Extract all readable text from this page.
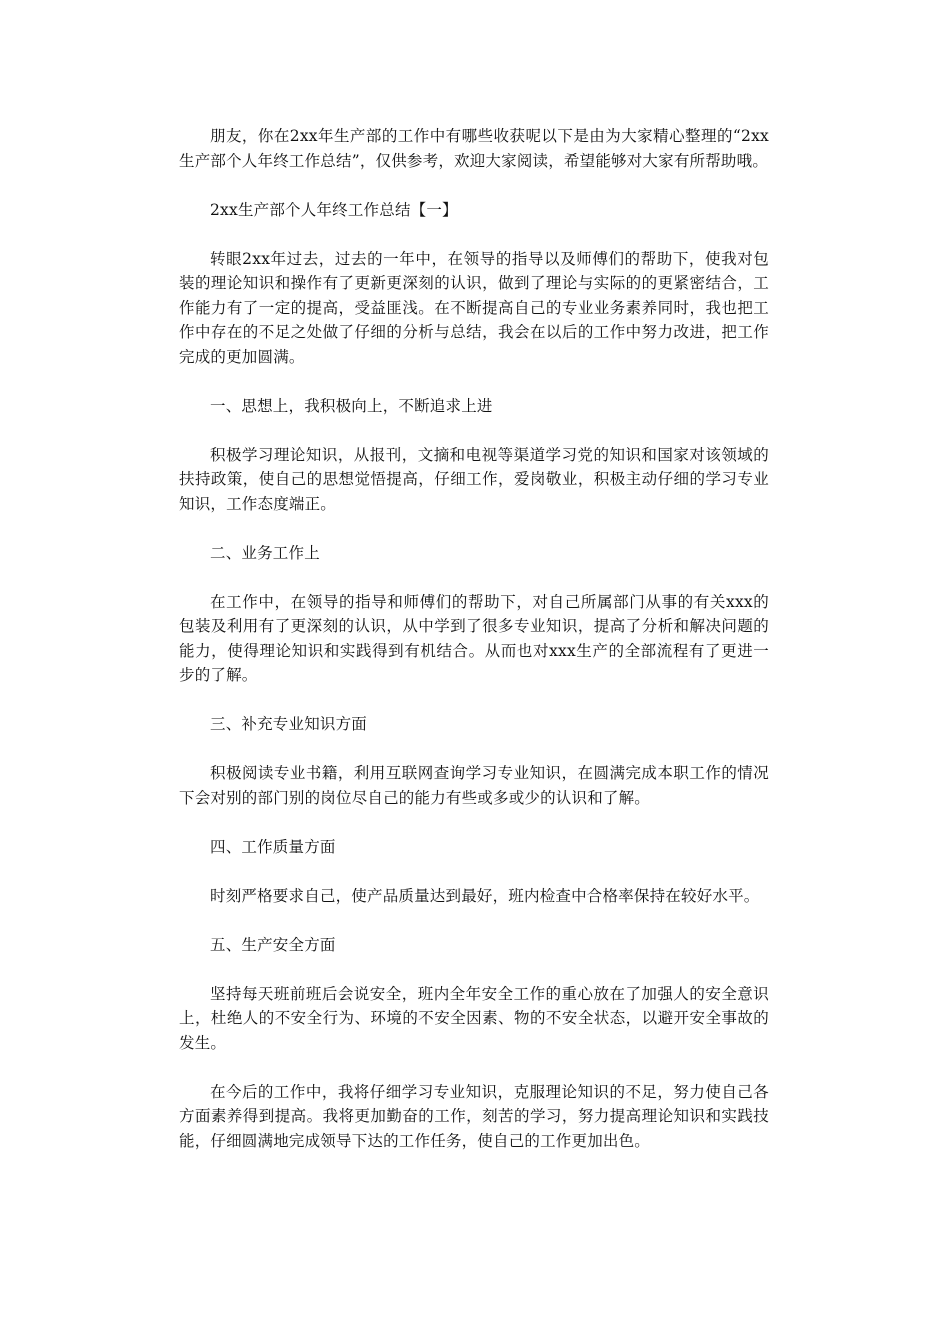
朋友，你在2xx年生产部的工作中有哪些收获呢以下是由为大家精心整理的“2xx生产部个人年终工作总结”，仅供参考，欢迎大家阅读，希望能够对大家有所帮助哦。

2xx生产部个人年终工作总结【一】

转眼2xx年过去，过去的一年中，在领导的指导以及师傅们的帮助下，使我对包装的理论知识和操作有了更新更深刻的认识，做到了理论与实际的的更紧密结合，工作能力有了一定的提高，受益匪浅。在不断提高自己的专业业务素养同时，我也把工作中存在的不足之处做了仔细的分析与总结，我会在以后的工作中努力改进，把工作完成的更加圆满。

一、思想上，我积极向上，不断追求上进

积极学习理论知识，从报刊，文摘和电视等渠道学习党的知识和国家对该领域的扶持政策，使自己的思想觉悟提高，仔细工作，爱岗敬业，积极主动仔细的学习专业知识，工作态度端正。

二、业务工作上

在工作中，在领导的指导和师傅们的帮助下，对自己所属部门从事的有关xxx的包装及利用有了更深刻的认识，从中学到了很多专业知识，提高了分析和解决问题的能力，使得理论知识和实践得到有机结合。从而也对xxx生产的全部流程有了更进一步的了解。

三、补充专业知识方面

积极阅读专业书籍，利用互联网查询学习专业知识，在圆满完成本职工作的情况下会对别的部门别的岗位尽自己的能力有些或多或少的认识和了解。

四、工作质量方面

时刻严格要求自己，使产品质量达到最好，班内检查中合格率保持在较好水平。

五、生产安全方面

坚持每天班前班后会说安全，班内全年安全工作的重心放在了加强人的安全意识上，杜绝人的不安全行为、环境的不安全因素、物的不安全状态，以避开安全事故的发生。

在今后的工作中，我将仔细学习专业知识，克服理论知识的不足，努力使自己各方面素养得到提高。我将更加勤奋的工作，刻苦的学习，努力提高理论知识和实践技能，仔细圆满地完成领导下达的工作任务，使自己的工作更加出色。
